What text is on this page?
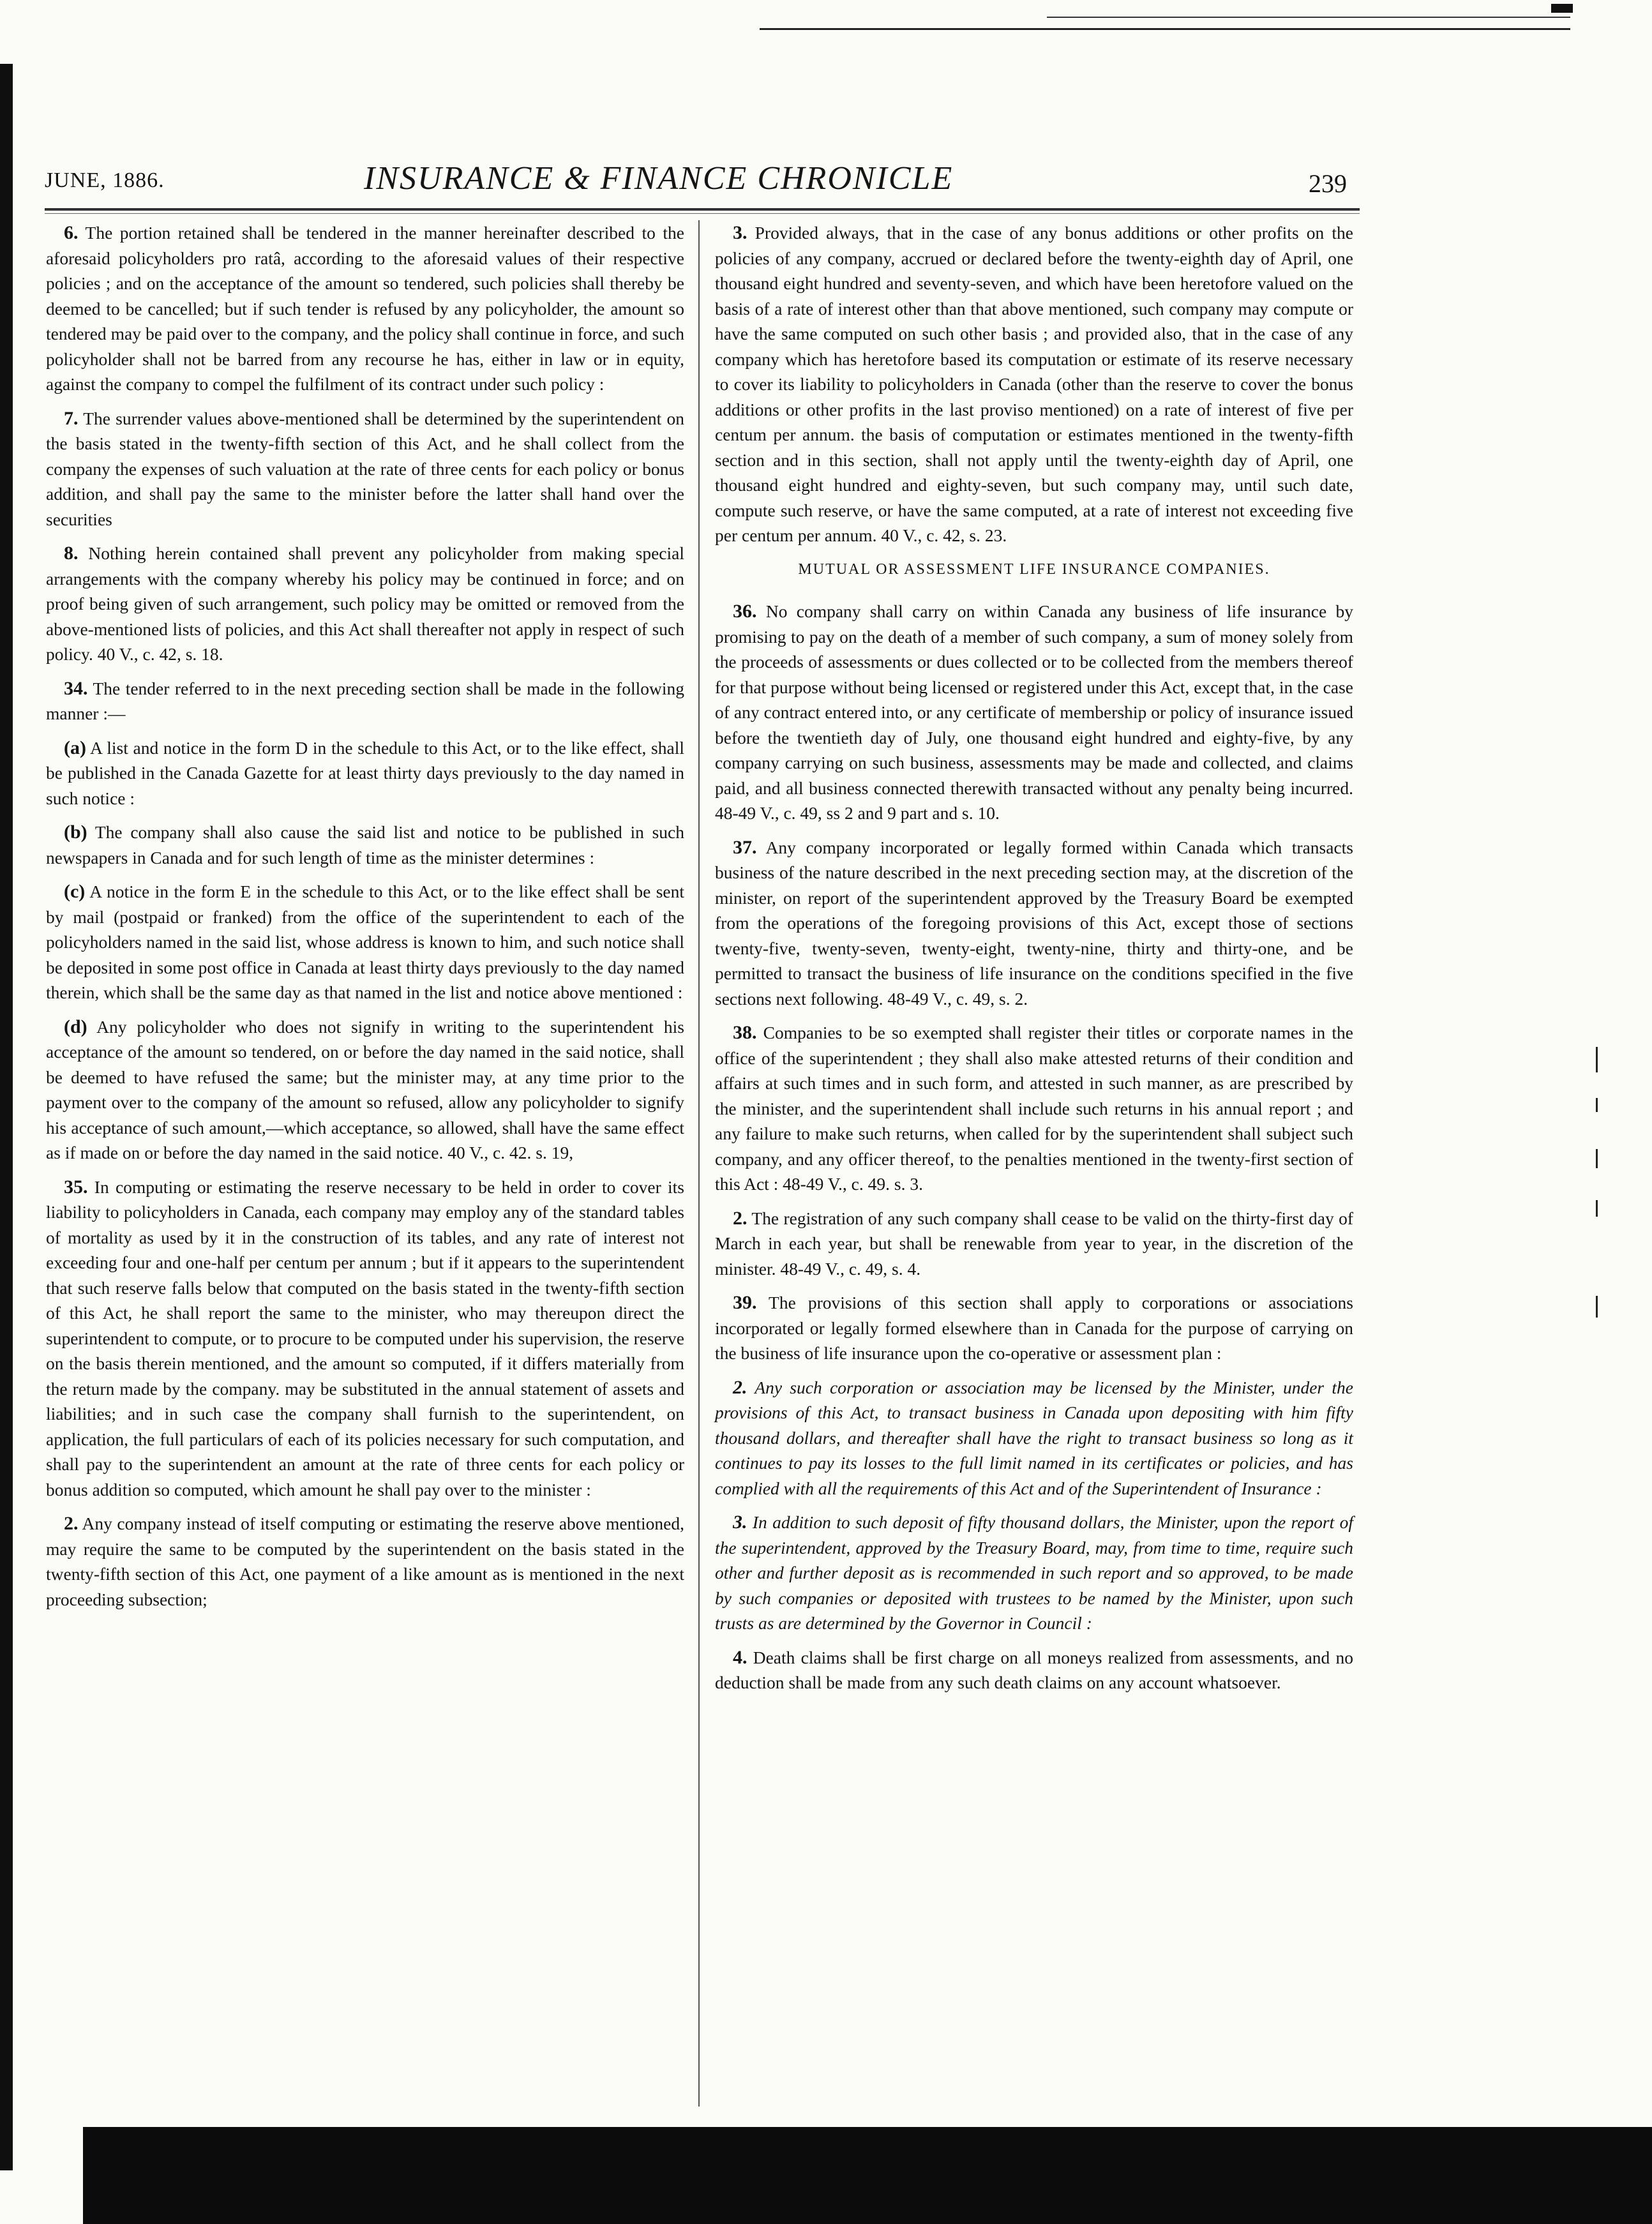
JUNE, 1886.	INSURANCE & FINANCE CHRONICLE	239

6. The portion retained shall be tendered in the manner hereinafter described to the aforesaid policyholders pro ratâ, according to the aforesaid values of their respective policies ; and on the acceptance of the amount so tendered, such policies shall thereby be deemed to be cancelled; but if such tender is refused by any policyholder, the amount so tendered may be paid over to the company, and the policy shall continue in force, and such policyholder shall not be barred from any recourse he has, either in law or in equity, against the company to compel the fulfilment of its contract under such policy :

7. The surrender values above-mentioned shall be determined by the superintendent on the basis stated in the twenty-fifth section of this Act, and he shall collect from the company the expenses of such valuation at the rate of three cents for each policy or bonus addition, and shall pay the same to the minister before the latter shall hand over the securities

8. Nothing herein contained shall prevent any policyholder from making special arrangements with the company whereby his policy may be continued in force; and on proof being given of such arrangement, such policy may be omitted or removed from the above-mentioned lists of policies, and this Act shall thereafter not apply in respect of such policy. 40 V., c. 42, s. 18.

34. The tender referred to in the next preceding section shall be made in the following manner :—

(a) A list and notice in the form D in the schedule to this Act, or to the like effect, shall be published in the Canada Gazette for at least thirty days previously to the day named in such notice :

(b) The company shall also cause the said list and notice to be published in such newspapers in Canada and for such length of time as the minister determines :

(c) A notice in the form E in the schedule to this Act, or to the like effect shall be sent by mail (postpaid or franked) from the office of the superintendent to each of the policyholders named in the said list, whose address is known to him, and such notice shall be deposited in some post office in Canada at least thirty days previously to the day named therein, which shall be the same day as that named in the list and notice above mentioned :

(d) Any policyholder who does not signify in writing to the superintendent his acceptance of the amount so tendered, on or before the day named in the said notice, shall be deemed to have refused the same; but the minister may, at any time prior to the payment over to the company of the amount so refused, allow any policyholder to signify his acceptance of such amount,—which acceptance, so allowed, shall have the same effect as if made on or before the day named in the said notice. 40 V., c. 42. s. 19,

35. In computing or estimating the reserve necessary to be held in order to cover its liability to policyholders in Canada, each company may employ any of the standard tables of mortality as used by it in the construction of its tables, and any rate of interest not exceeding four and one-half per centum per annum ; but if it appears to the superintendent that such reserve falls below that computed on the basis stated in the twenty-fifth section of this Act, he shall report the same to the minister, who may thereupon direct the superintendent to compute, or to procure to be computed under his supervision, the reserve on the basis therein mentioned, and the amount so computed, if it differs materially from the return made by the company. may be substituted in the annual statement of assets and liabilities; and in such case the company shall furnish to the superintendent, on application, the full particulars of each of its policies necessary for such computation, and shall pay to the superintendent an amount at the rate of three cents for each policy or bonus addition so computed, which amount he shall pay over to the minister :

2. Any company instead of itself computing or estimating the reserve above mentioned, may require the same to be computed by the superintendent on the basis stated in the twenty-fifth section of this Act, one payment of a like amount as is mentioned in the next proceeding subsection;

3. Provided always, that in the case of any bonus additions or other profits on the policies of any company, accrued or declared before the twenty-eighth day of April, one thousand eight hundred and seventy-seven, and which have been heretofore valued on the basis of a rate of interest other than that above mentioned, such company may compute or have the same computed on such other basis ; and provided also, that in the case of any company which has heretofore based its computation or estimate of its reserve necessary to cover its liability to policyholders in Canada (other than the reserve to cover the bonus additions or other profits in the last proviso mentioned) on a rate of interest of five per centum per annum. the basis of computation or estimates mentioned in the twenty-fifth section and in this section, shall not apply until the twenty-eighth day of April, one thousand eight hundred and eighty-seven, but such company may, until such date, compute such reserve, or have the same computed, at a rate of interest not exceeding five per centum per annum. 40 V., c. 42, s. 23.

MUTUAL OR ASSESSMENT LIFE INSURANCE COMPANIES.

36. No company shall carry on within Canada any business of life insurance by promising to pay on the death of a member of such company, a sum of money solely from the proceeds of assessments or dues collected or to be collected from the members thereof for that purpose without being licensed or registered under this Act, except that, in the case of any contract entered into, or any certificate of membership or policy of insurance issued before the twentieth day of July, one thousand eight hundred and eighty-five, by any company carrying on such business, assessments may be made and collected, and claims paid, and all business connected therewith transacted without any penalty being incurred. 48-49 V., c. 49, ss 2 and 9 part and s. 10.

37. Any company incorporated or legally formed within Canada which transacts business of the nature described in the next preceding section may, at the discretion of the minister, on report of the superintendent approved by the Treasury Board be exempted from the operations of the foregoing provisions of this Act, except those of sections twenty-five, twenty-seven, twenty-eight, twenty-nine, thirty and thirty-one, and be permitted to transact the business of life insurance on the conditions specified in the five sections next following. 48-49 V., c. 49, s. 2.

38. Companies to be so exempted shall register their titles or corporate names in the office of the superintendent ; they shall also make attested returns of their condition and affairs at such times and in such form, and attested in such manner, as are prescribed by the minister, and the superintendent shall include such returns in his annual report ; and any failure to make such returns, when called for by the superintendent shall subject such company, and any officer thereof, to the penalties mentioned in the twenty-first section of this Act : 48-49 V., c. 49. s. 3.

2. The registration of any such company shall cease to be valid on the thirty-first day of March in each year, but shall be renewable from year to year, in the discretion of the minister. 48-49 V., c. 49, s. 4.

39. The provisions of this section shall apply to corporations or associations incorporated or legally formed elsewhere than in Canada for the purpose of carrying on the business of life insurance upon the co-operative or assessment plan :

2. Any such corporation or association may be licensed by the Minister, under the provisions of this Act, to transact business in Canada upon depositing with him fifty thousand dollars, and thereafter shall have the right to transact business so long as it continues to pay its losses to the full limit named in its certificates or policies, and has complied with all the requirements of this Act and of the Superintendent of Insurance :

3. In addition to such deposit of fifty thousand dollars, the Minister, upon the report of the superintendent, approved by the Treasury Board, may, from time to time, require such other and further deposit as is recommended in such report and so approved, to be made by such companies or deposited with trustees to be named by the Minister, upon such trusts as are determined by the Governor in Council :

4. Death claims shall be first charge on all moneys realized from assessments, and no deduction shall be made from any such death claims on any account whatsoever.
